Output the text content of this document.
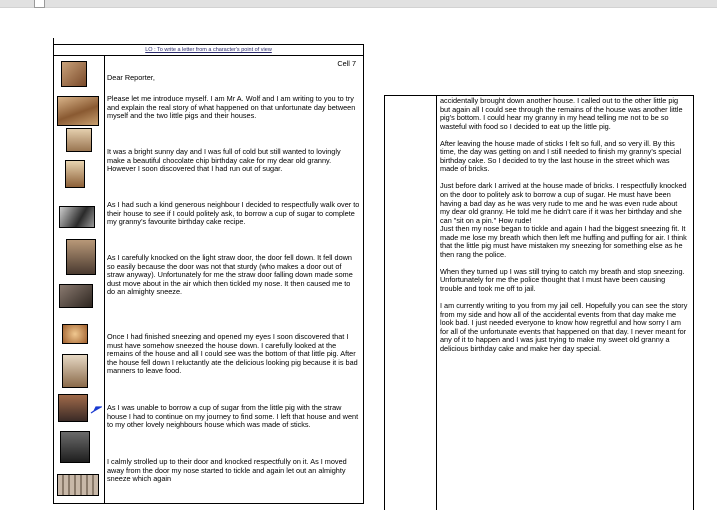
LO : To write a letter from a character's point of view
Cell 7

Dear Reporter,

Please let me introduce myself. I am Mr A. Wolf and I am writing to you to try and explain the real story of what happened on that unfortunate day between myself and the two little pigs and their houses.

It was a bright sunny day and I was full of cold but still wanted to lovingly make a beautiful chocolate chip birthday cake for my dear old granny. However I soon discovered that I had run out of sugar.

As I had such a kind generous neighbour I decided to respectfully walk over to their house to see if I could politely ask, to borrow a cup of sugar to complete my granny's favourite birthday cake recipe.

As I carefully knocked on the light straw door, the door fell down. It fell down so easily because the door was not that sturdy (who makes a door out of straw anyway). Unfortunately for me the straw door falling down made some dust move about in the air which then tickled my nose. It then caused me to do an almighty sneeze.

Once I had finished sneezing and opened my eyes I soon discovered that I must have somehow sneezed the house down. I carefully looked at the remains of the house and all I could see was the bottom of that little pig. After the house fell down I reluctantly ate the delicious looking pig because it is bad manners to leave food.

As I was unable to borrow a cup of sugar from the little pig with the straw house I had to continue on my journey to find some. I left that house and went to my other lovely neighbours house which was made of sticks.

I calmly strolled up to their door and knocked respectfully on it. As I moved away from the door my nose started to tickle and again let out an almighty sneeze which again

accidentally brought down another house. I called out to the other little pig but again all I could see through the remains of the house was another little pig's bottom. I could hear my granny in my head telling me not to be so wasteful with food so I decided to eat up the little pig.

After leaving the house made of sticks I felt so full, and so very ill. By this time, the day was getting on and I still needed to finish my granny's special birthday cake. So I decided to try the last house in the street which was made of bricks.

Just before dark I arrived at the house made of bricks. I respectfully knocked on the door to politely ask to borrow a cup of sugar. He must have been having a bad day as he was very rude to me and he was even rude about my dear old granny. He told me he didn't care if it was her birthday and she can "sit on a pin." How rude!

Just then my nose began to tickle and again I had the biggest sneezing fit. It made me lose my breath which then left me huffing and puffing for air. I think that the little pig must have mistaken my sneezing for something else as he then rang the police.

When they turned up I was still trying to catch my breath and stop sneezing. Unfortunately for me the police thought that I must have been causing trouble and took me off to jail.

I am currently writing to you from my jail cell. Hopefully you can see the story from my side and how all of the accidental events from that day make me look bad. I just needed everyone to know how regretful and how sorry I am for all of the unfortunate events that happened on that day. I never meant for any of it to happen and I was just trying to make my sweet old granny a delicious birthday cake and make her day special.
